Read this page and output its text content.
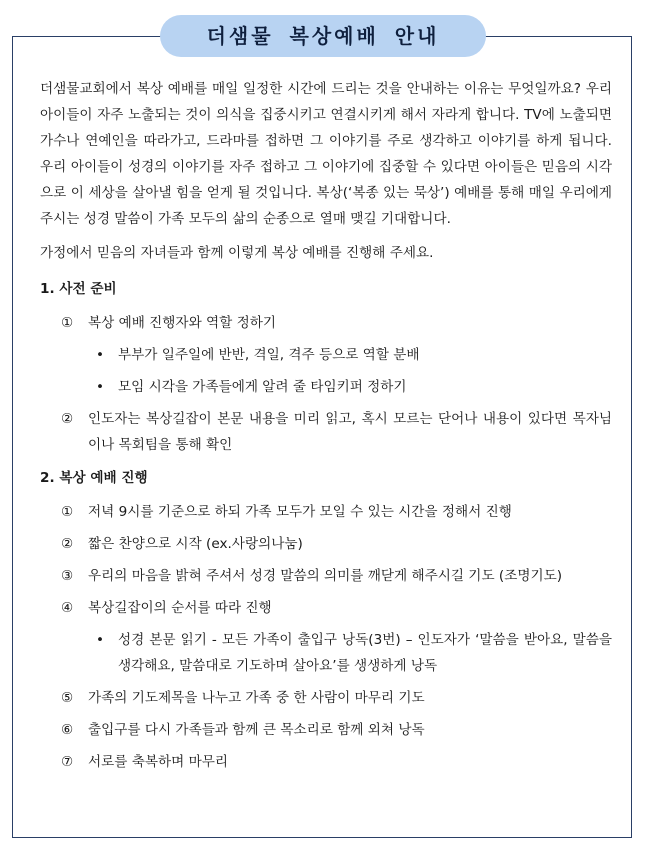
더샘물 복상예배 안내

더샘물교회에서 복상 예배를 매일 일정한 시간에 드리는 것을 안내하는 이유는 무엇일까요? 우리 아이들이 자주 노출되는 것이 의식을 집중시키고 연결시키게 해서 자라게 합니다. TV에 노출되면 가수나 연예인을 따라가고, 드라마를 접하면 그 이야기를 주로 생각하고 이야기를 하게 됩니다. 우리 아이들이 성경의 이야기를 자주 접하고 그 이야기에 집중할 수 있다면 아이들은 믿음의 시각으로 이 세상을 살아낼 힘을 얻게 될 것입니다. 복상(‘복종 있는 묵상’) 예배를 통해 매일 우리에게 주시는 성경 말씀이 가족 모두의 삶의 순종으로 열매 맺길 기대합니다.

가정에서 믿음의 자녀들과 함께 이렇게 복상 예배를 진행해 주세요.

1. 사전 준비
① 복상 예배 진행자와 역할 정하기
• 부부가 일주일에 반반, 격일, 격주 등으로 역할 분배
• 모임 시각을 가족들에게 알려 줄 타임키퍼 정하기
② 인도자는 복상길잡이 본문 내용을 미리 읽고, 혹시 모르는 단어나 내용이 있다면 목자님이나 목회팀을 통해 확인
2. 복상 예배 진행
① 저녁 9시를 기준으로 하되 가족 모두가 모일 수 있는 시간을 정해서 진행
② 짧은 찬양으로 시작 (ex.사랑의나눔)
③ 우리의 마음을 밝혀 주셔서 성경 말씀의 의미를 깨닫게 해주시길 기도 (조명기도)
④ 복상길잡이의 순서를 따라 진행
• 성경 본문 읽기 - 모든 가족이 출입구 낭독(3번) – 인도자가 ‘말씀을 받아요, 말씀을 생각해요, 말씀대로 기도하며 살아요’를 생생하게 낭독
⑤ 가족의 기도제목을 나누고 가족 중 한 사람이 마무리 기도
⑥ 출입구를 다시 가족들과 함께 큰 목소리로 함께 외쳐 낭독
⑦ 서로를 축복하며 마무리
